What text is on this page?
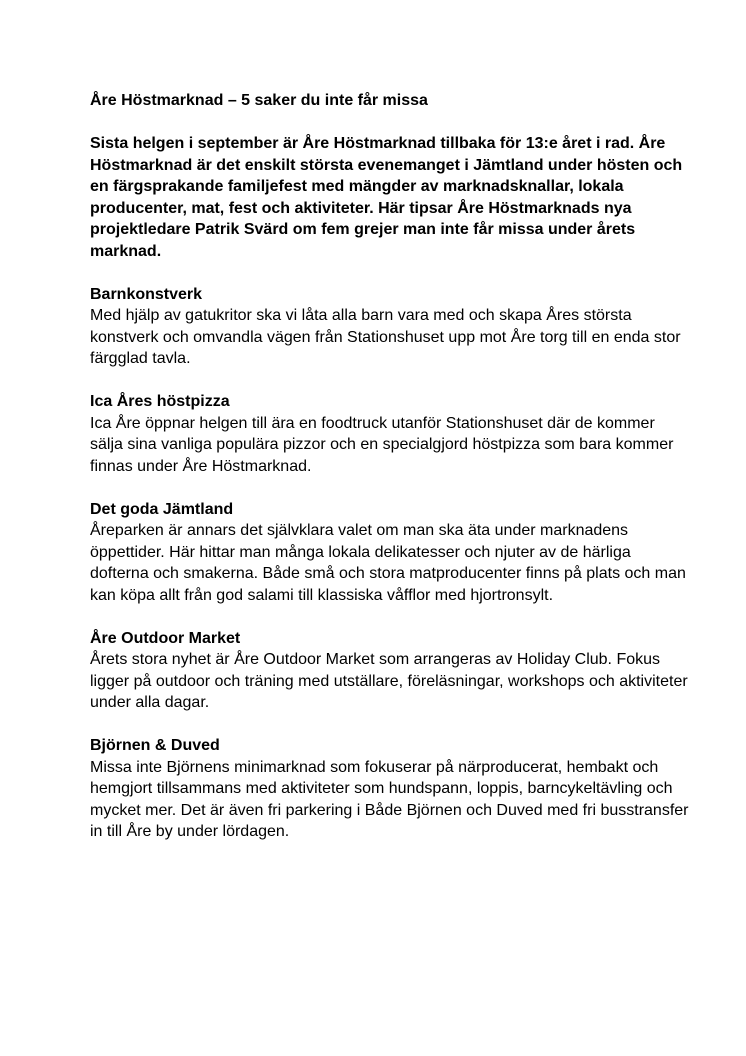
Åre Höstmarknad – 5 saker du inte får missa

Sista helgen i september är Åre Höstmarknad tillbaka för 13:e året i rad. Åre Höstmarknad är det enskilt största evenemanget i Jämtland under hösten och en färgsprakande familjefest med mängder av marknadsknallar, lokala producenter, mat, fest och aktiviteter. Här tipsar Åre Höstmarknads nya projektledare Patrik Svärd om fem grejer man inte får missa under årets marknad.

Barnkonstverk

Med hjälp av gatukritor ska vi låta alla barn vara med och skapa Åres största konstverk och omvandla vägen från Stationshuset upp mot Åre torg till en enda stor färgglad tavla.

Ica Åres höstpizza

Ica Åre öppnar helgen till ära en foodtruck utanför Stationshuset där de kommer sälja sina vanliga populära pizzor och en specialgjord höstpizza som bara kommer finnas under Åre Höstmarknad.

Det goda Jämtland

Åreparken är annars det självklara valet om man ska äta under marknadens öppettider. Här hittar man många lokala delikatesser och njuter av de härliga dofterna och smakerna. Både små och stora matproducenter finns på plats och man kan köpa allt från god salami till klassiska våfflor med hjortronsylt.

Åre Outdoor Market

Årets stora nyhet är Åre Outdoor Market som arrangeras av Holiday Club. Fokus ligger på outdoor och träning med utställare, föreläsningar, workshops och aktiviteter under alla dagar.

Björnen & Duved

Missa inte Björnens minimarknad som fokuserar på närproducerat, hembakt och hemgjort tillsammans med aktiviteter som hundspann, loppis, barncykeltävling och mycket mer. Det är även fri parkering i Både Björnen och Duved med fri busstransfer in till Åre by under lördagen.
